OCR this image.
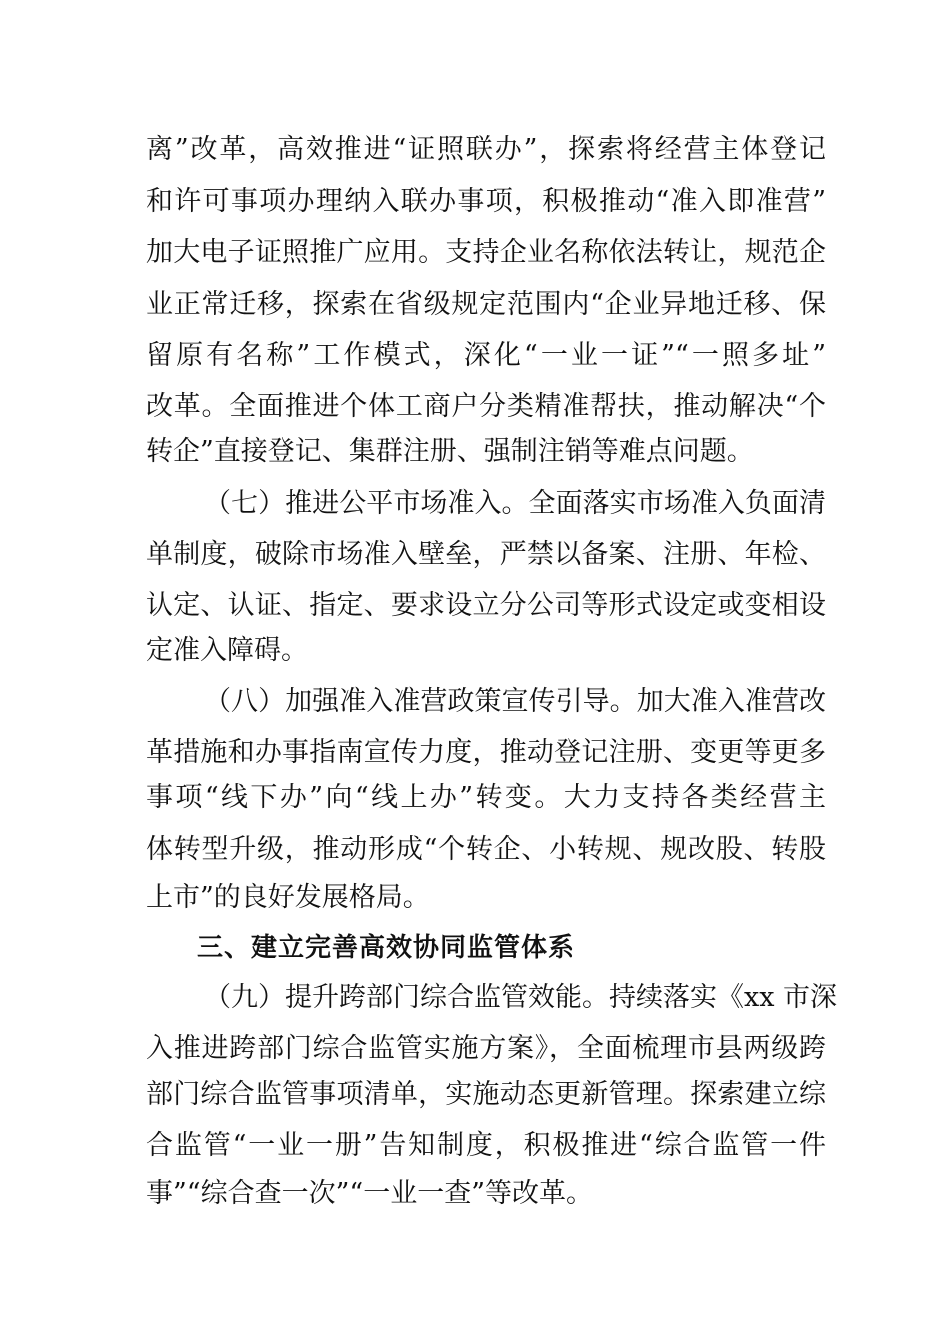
离”改革，高效推进“证照联办”，探索将经营主体登记
和许可事项办理纳入联办事项，积极推动“准入即准营”
加大电子证照推广应用。支持企业名称依法转让，规范企
业正常迁移，探索在省级规定范围内“企业异地迁移、保
留原有名称”工作模式，深化“一业一证”“一照多址”
改革。全面推进个体工商户分类精准帮扶，推动解决“个
转企”直接登记、集群注册、强制注销等难点问题。
（七）推进公平市场准入。全面落实市场准入负面清
单制度，破除市场准入壁垒，严禁以备案、注册、年检、
认定、认证、指定、要求设立分公司等形式设定或变相设
定准入障碍。
（八）加强准入准营政策宣传引导。加大准入准营改
革措施和办事指南宣传力度，推动登记注册、变更等更多
事项“线下办”向“线上办”转变。大力支持各类经营主
体转型升级，推动形成“个转企、小转规、规改股、转股
上市”的良好发展格局。
三、建立完善高效协同监管体系
（九）提升跨部门综合监管效能。持续落实《xx 市深
入推进跨部门综合监管实施方案》，全面梳理市县两级跨
部门综合监管事项清单，实施动态更新管理。探索建立综
合监管“一业一册”告知制度，积极推进“综合监管一件
事”“综合查一次”“一业一查”等改革。
